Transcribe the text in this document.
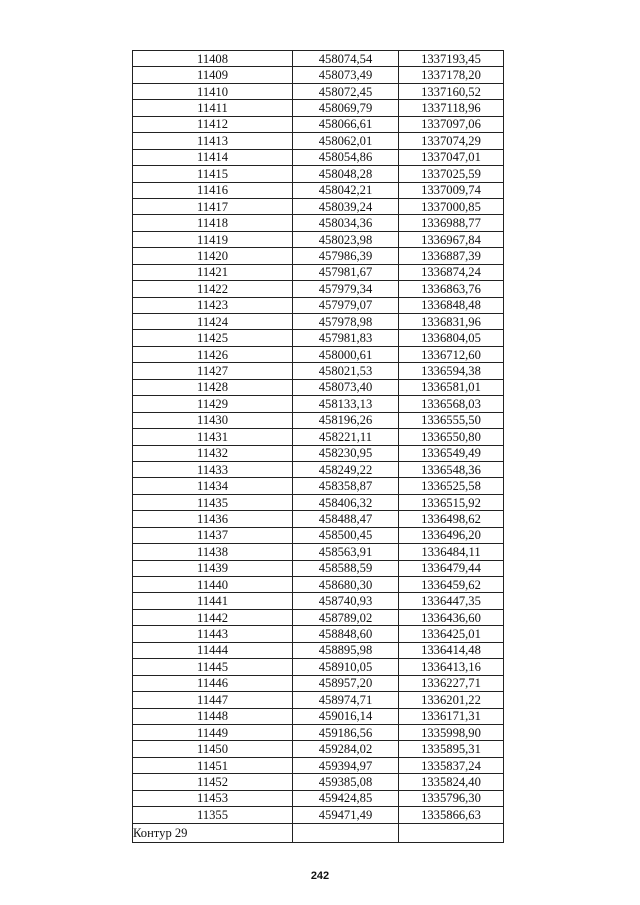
11408	458074,54	1337193,45
11409	458073,49	1337178,20
11410	458072,45	1337160,52
11411	458069,79	1337118,96
11412	458066,61	1337097,06
11413	458062,01	1337074,29
11414	458054,86	1337047,01
11415	458048,28	1337025,59
11416	458042,21	1337009,74
11417	458039,24	1337000,85
11418	458034,36	1336988,77
11419	458023,98	1336967,84
11420	457986,39	1336887,39
11421	457981,67	1336874,24
11422	457979,34	1336863,76
11423	457979,07	1336848,48
11424	457978,98	1336831,96
11425	457981,83	1336804,05
11426	458000,61	1336712,60
11427	458021,53	1336594,38
11428	458073,40	1336581,01
11429	458133,13	1336568,03
11430	458196,26	1336555,50
11431	458221,11	1336550,80
11432	458230,95	1336549,49
11433	458249,22	1336548,36
11434	458358,87	1336525,58
11435	458406,32	1336515,92
11436	458488,47	1336498,62
11437	458500,45	1336496,20
11438	458563,91	1336484,11
11439	458588,59	1336479,44
11440	458680,30	1336459,62
11441	458740,93	1336447,35
11442	458789,02	1336436,60
11443	458848,60	1336425,01
11444	458895,98	1336414,48
11445	458910,05	1336413,16
11446	458957,20	1336227,71
11447	458974,71	1336201,22
11448	459016,14	1336171,31
11449	459186,56	1335998,90
11450	459284,02	1335895,31
11451	459394,97	1335837,24
11452	459385,08	1335824,40
11453	459424,85	1335796,30
11355	459471,49	1335866,63
Контур 29		
242
